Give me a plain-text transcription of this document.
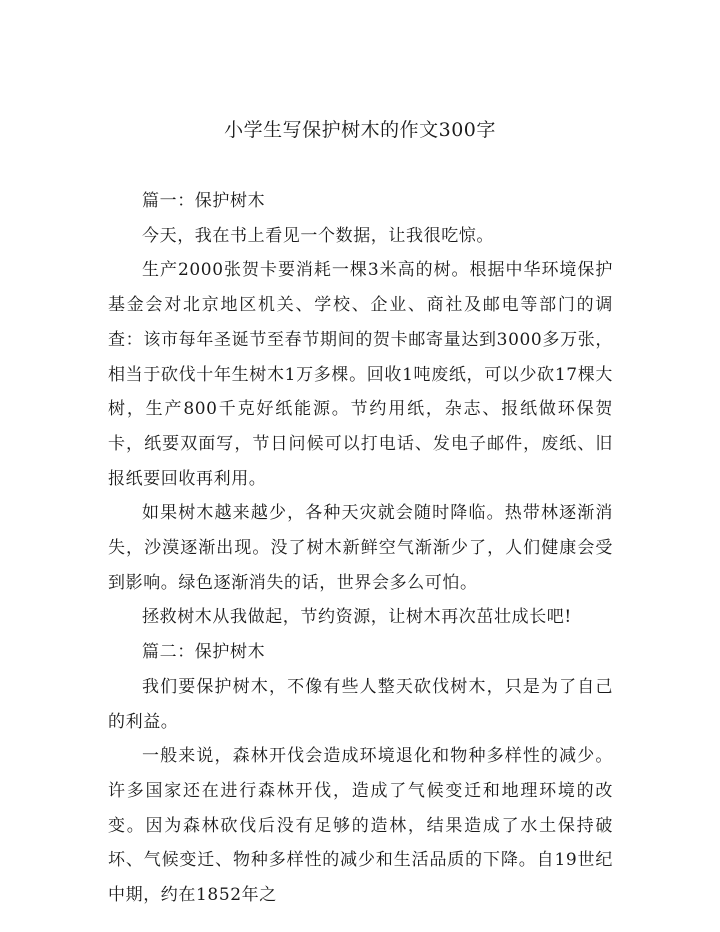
小学生写保护树木的作文300字

篇一：保护树木

今天，我在书上看见一个数据，让我很吃惊。

生产2000张贺卡要消耗一棵3米高的树。根据中华环境保护基金会对北京地区机关、学校、企业、商社及邮电等部门的调查：该市每年圣诞节至春节期间的贺卡邮寄量达到3000多万张，相当于砍伐十年生树木1万多棵。回收1吨废纸，可以少砍17棵大树，生产800千克好纸能源。节约用纸，杂志、报纸做环保贺卡，纸要双面写，节日问候可以打电话、发电子邮件，废纸、旧报纸要回收再利用。

如果树木越来越少，各种天灾就会随时降临。热带林逐渐消失，沙漠逐渐出现。没了树木新鲜空气渐渐少了，人们健康会受到影响。绿色逐渐消失的话，世界会多么可怕。

拯救树木从我做起，节约资源，让树木再次茁壮成长吧!

篇二：保护树木

我们要保护树木，不像有些人整天砍伐树木，只是为了自己的利益。

一般来说，森林开伐会造成环境退化和物种多样性的减少。许多国家还在进行森林开伐，造成了气候变迁和地理环境的改变。因为森林砍伐后没有足够的造林，结果造成了水土保持破坏、气候变迁、物种多样性的减少和生活品质的下降。自19世纪中期，约在1852年之
